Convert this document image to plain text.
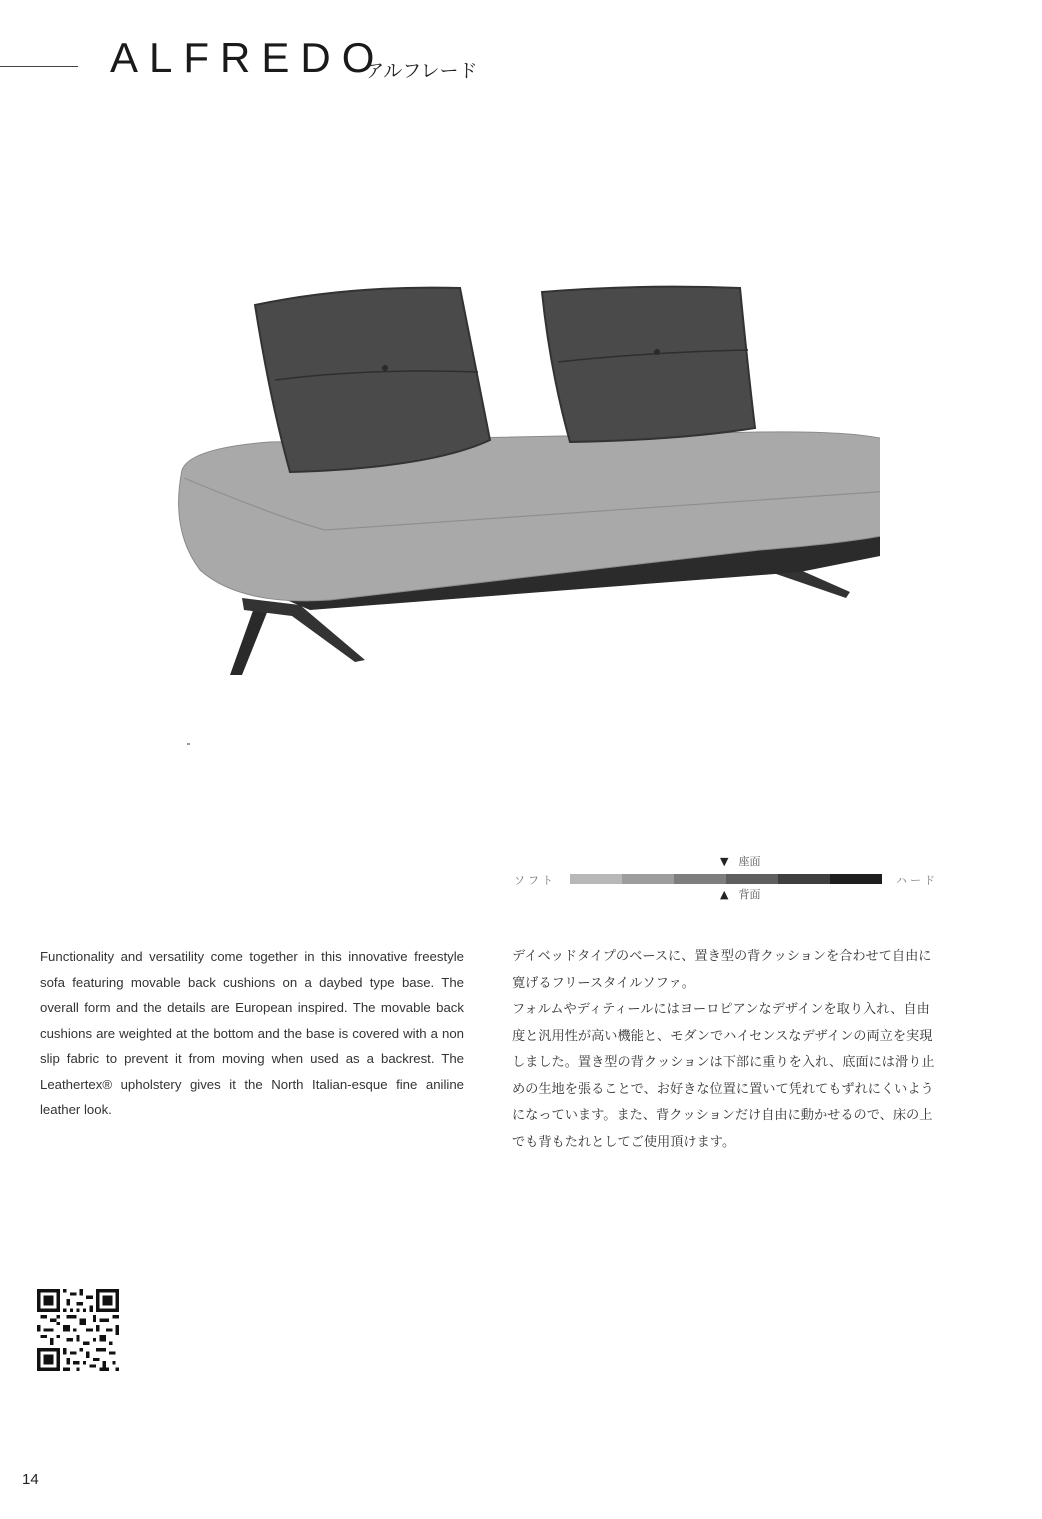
ALFREDO
アルフレード
▼ 座面
ソフト	ハード
▲ 背面

Functionality and versatility come together in this innovative freestyle sofa featuring movable back cushions on a daybed type base. The overall form and the details are European inspired. The movable back cushions are weighted at the bottom and the base is covered with a non slip fabric to prevent it from moving when used as a backrest. The Leathertex® upholstery gives it the North Italian-esque fine aniline leather look.

デイベッドタイプのベースに、置き型の背クッションを合わせて自由に寛げるフリースタイルソファ。

フォルムやディティールにはヨーロピアンなデザインを取り入れ、自由度と汎用性が高い機能と、モダンでハイセンスなデザインの両立を実現しました。置き型の背クッションは下部に重りを入れ、底面には滑り止めの生地を張ることで、お好きな位置に置いて凭れてもずれにくいようになっています。また、背クッションだけ自由に動かせるので、床の上でも背もたれとしてご使用頂けます。

14
